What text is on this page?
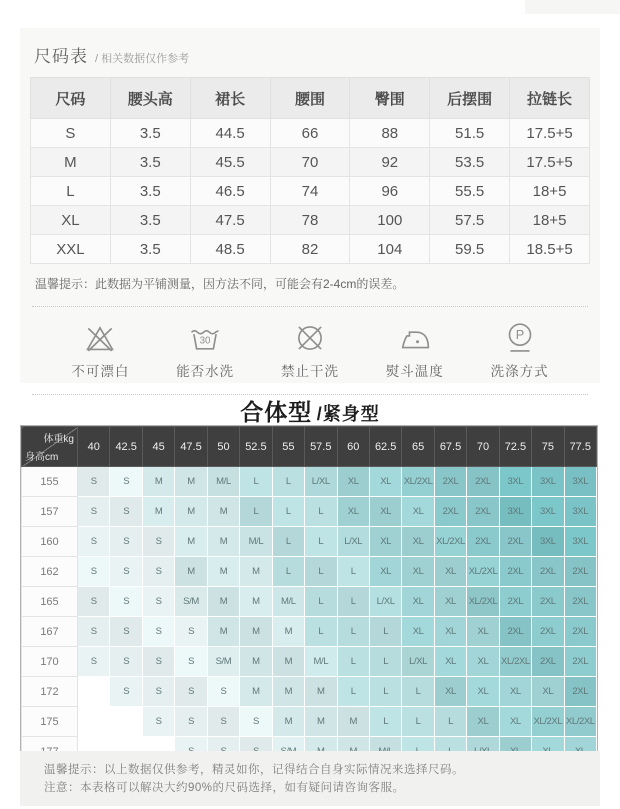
尺码表 / 相关数据仅作参考
尺码	腰头高	裙长	腰围	臀围	后摆围	拉链长
S	3.5	44.5	66	88	51.5	17.5+5
M	3.5	45.5	70	92	53.5	17.5+5
L	3.5	46.5	74	96	55.5	18+5
XL	3.5	47.5	78	100	57.5	18+5
XXL	3.5	48.5	82	104	59.5	18.5+5

温馨提示：此数据为平铺测量，因方法不同，可能会有2-4cm的误差。

不可漂白
30
能否水洗	禁止干洗	熨斗温度
P
洗涤方式
合体型 /紧身型
体重kg
身高cm	40	42.5	45	47.5	50	52.5	55	57.5	60	62.5	65	67.5	70	72.5	75	77.5
155	S	S	M	M	M/L	L	L	L/XL	XL	XL	XL/2XL	2XL	2XL	3XL	3XL	3XL
157	S	S	M	M	M	L	L	L	XL	XL	XL	2XL	2XL	3XL	3XL	3XL
160	S	S	S	M	M	M/L	L	L	L/XL	XL	XL	XL/2XL	2XL	2XL	3XL	3XL
162	S	S	S	M	M	M	L	L	L	XL	XL	XL	XL/2XL	2XL	2XL	2XL
165	S	S	S	S/M	M	M	M/L	L	L	L/XL	XL	XL	XL/2XL	2XL	2XL	2XL
167	S	S	S	S	M	M	M	L	L	L	XL	XL	XL	2XL	2XL	2XL
170	S	S	S	S	S/M	M	M	M/L	L	L	L/XL	XL	XL	XL/2XL	2XL	2XL
172		S	S	S	S	M	M	M	L	L	L	XL	XL	XL	XL	2XL
175			S	S	S	S	M	M	M	L	L	L	XL	XL	XL/2XL	XL/2XL

温馨提示：以上数据仅供参考，精灵如你，记得结合自身实际情况来选择尺码。

注意：本表格可以解决大约90%的尺码选择，如有疑问请咨询客服。
